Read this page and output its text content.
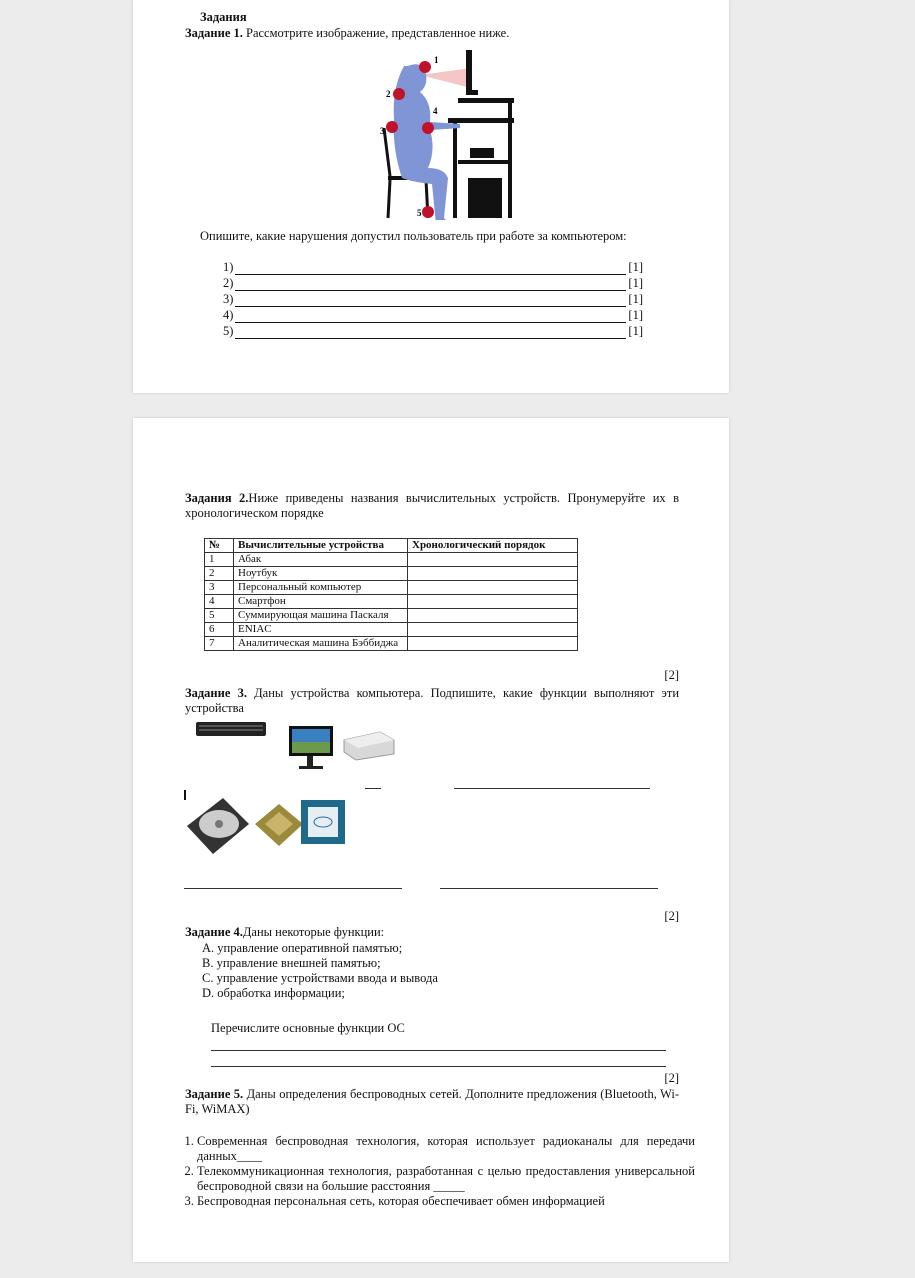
Задания
Задание 1. Рассмотрите изображение, представленное ниже.
1
2
3
4
5
Опишите, какие нарушения допустил пользователь при работе за компьютером:
1)	[1]
2)	[1]
3)	[1]
4)	[1]
5)	[1]
Задания 2.Ниже приведены названия вычислительных устройств. Пронумеруйте их в хронологическом порядке
№	Вычислительные устройства	Хронологический порядок
1	Абак	
2	Ноутбук	
3	Персональный компьютер	
4	Смартфон	
5	Суммирующая машина Паскаля	
6	ENIAC	
7	Аналитическая машина Бэббиджа	
[2]
Задание 3. Даны устройства компьютера. Подпишите, какие функции выполняют эти устройства
[2]
Задание 4.Даны некоторые функции:
A. управление оперативной памятью;
B. управление внешней памятью;
C. управление устройствами ввода и вывода
D. обработка информации;
Перечислите основные функции ОС
[2]
Задание 5. Даны определения беспроводных сетей. Дополните предложения (Bluetooth, Wi-Fi, WiMAX)
1. Современная беспроводная технология, которая использует радиоканалы для передачи данных____
2. Телекоммуникационная технология, разработанная с целью предоставления универсальной беспроводной связи на большие расстояния _____
3. Беспроводная персональная сеть, которая обеспечивает обмен информацией
